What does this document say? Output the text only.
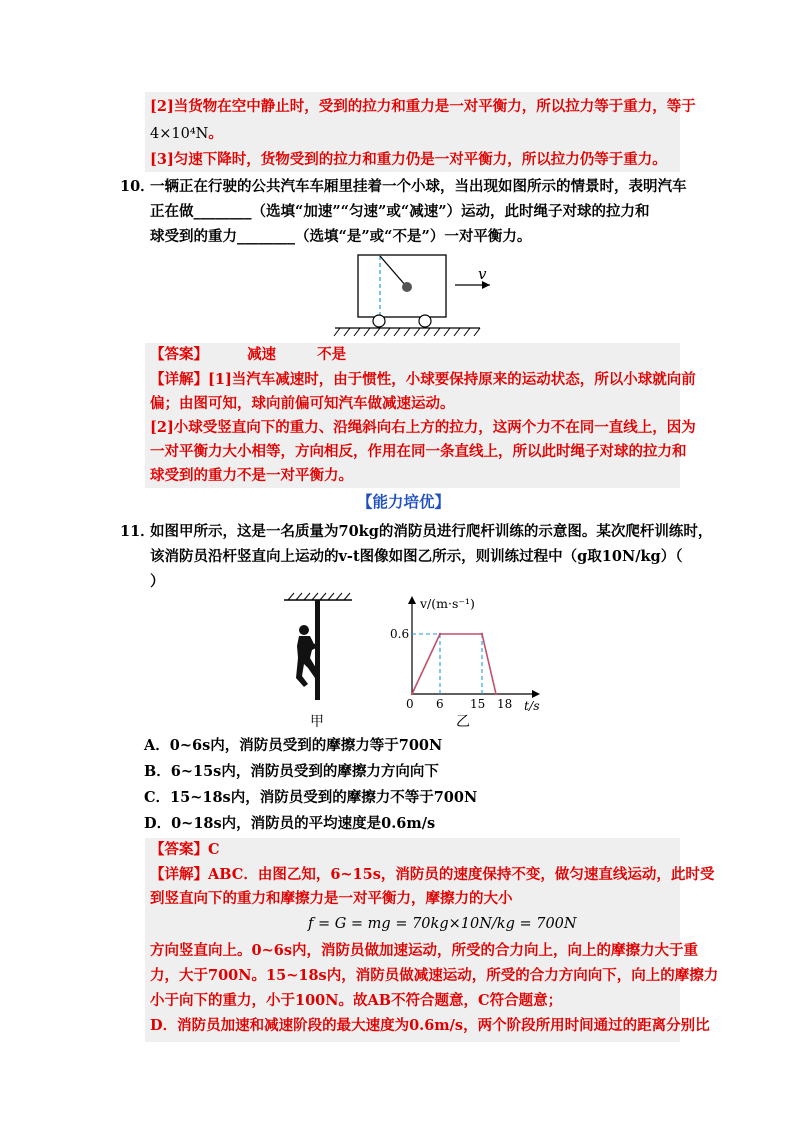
[2]当货物在空中静止时，受到的拉力和重力是一对平衡力，所以拉力等于重力，等于
4×10⁴N。
[3]匀速下降时，货物受到的拉力和重力仍是一对平衡力，所以拉力仍等于重力。
10．
一辆正在行驶的公共汽车车厢里挂着一个小球，当出现如图所示的情景时，表明汽车
正在做________（选填“加速”“匀速”或“减速”）运动，此时绳子对球的拉力和
球受到的重力________（选填“是”或“不是”）一对平衡力。
v
【答案】	减速	不是
【详解】[1]当汽车减速时，由于惯性，小球要保持原来的运动状态，所以小球就向前
偏；由图可知，球向前偏可知汽车做减速运动。
[2]小球受竖直向下的重力、沿绳斜向右上方的拉力，这两个力不在同一直线上，因为
一对平衡力大小相等，方向相反，作用在同一条直线上，所以此时绳子对球的拉力和
球受到的重力不是一对平衡力。
【能力培优】
11．
如图甲所示，这是一名质量为70kg的消防员进行爬杆训练的示意图。某次爬杆训练时，
该消防员沿杆竖直向上运动的v-t图像如图乙所示，则训练过程中（g取10N/kg）（
）
甲
v/(m·s⁻¹)
t/s
0 6 15 18
0.6
乙
A．0~6s内，消防员受到的摩擦力等于700N
B．6~15s内，消防员受到的摩擦力方向向下
C．15~18s内，消防员受到的摩擦力不等于700N
D．0~18s内，消防员的平均速度是0.6m/s
【答案】C
【详解】ABC．由图乙知，6~15s，消防员的速度保持不变，做匀速直线运动，此时受
到竖直向下的重力和摩擦力是一对平衡力，摩擦力的大小
f = G = mg = 70kg×10N/kg = 700N
方向竖直向上。0~6s内，消防员做加速运动，所受的合力向上，向上的摩擦力大于重
力，大于700N。15~18s内，消防员做减速运动，所受的合力方向向下，向上的摩擦力
小于向下的重力，小于100N。故AB不符合题意，C符合题意；
D．消防员加速和减速阶段的最大速度为0.6m/s，两个阶段所用时间通过的距离分别比
